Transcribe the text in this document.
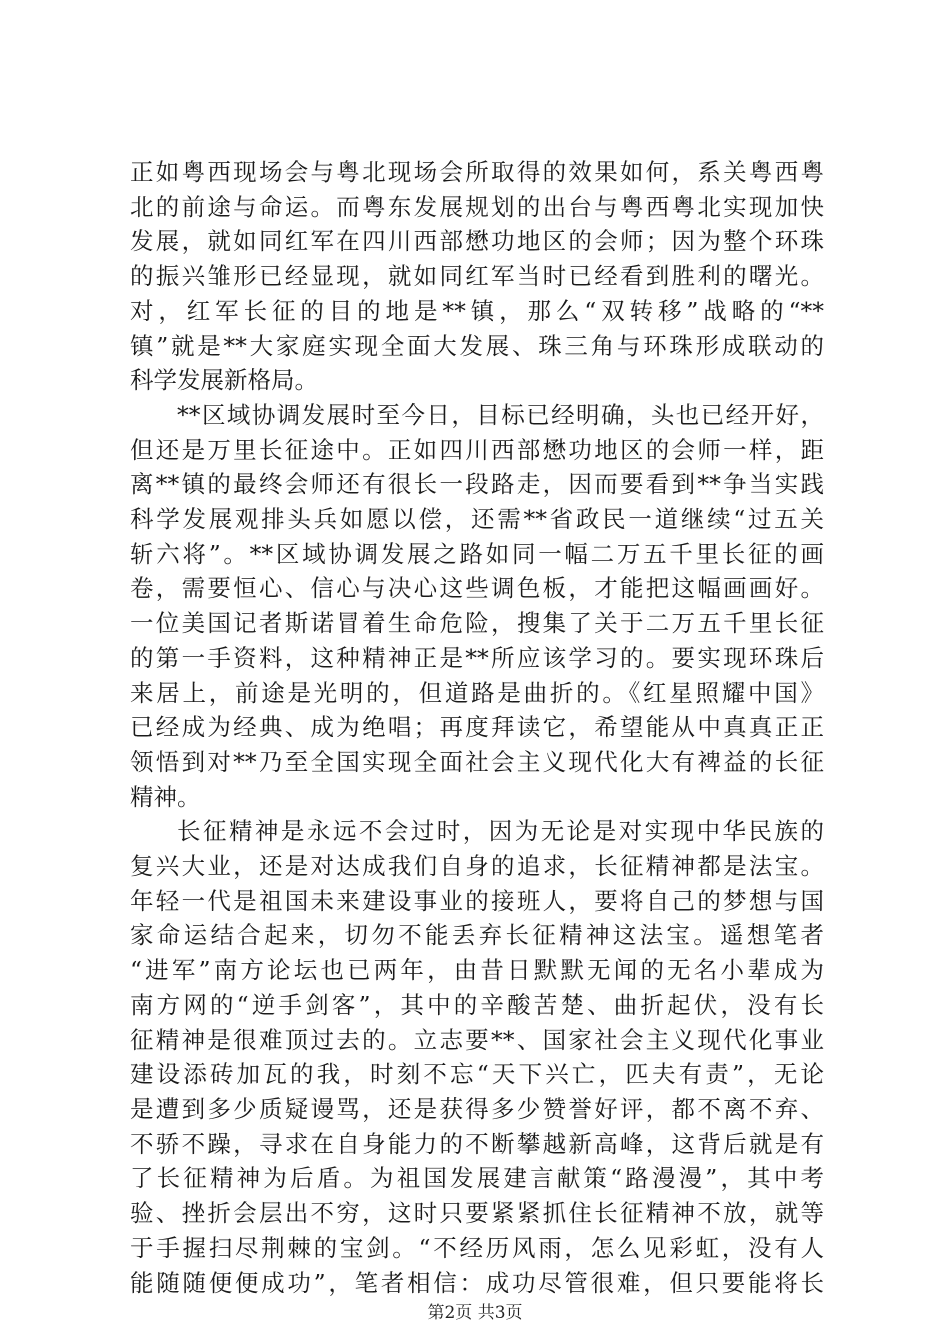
正如粤西现场会与粤北现场会所取得的效果如何，系关粤西粤
北的前途与命运。而粤东发展规划的出台与粤西粤北实现加快
发展，就如同红军在四川西部懋功地区的会师；因为整个环珠
的振兴雏形已经显现，就如同红军当时已经看到胜利的曙光。
对，红军长征的目的地是**镇，那么“双转移”战略的“**
镇”就是**大家庭实现全面大发展、珠三角与环珠形成联动的
科学发展新格局。
**区域协调发展时至今日，目标已经明确，头也已经开好，
但还是万里长征途中。正如四川西部懋功地区的会师一样，距
离**镇的最终会师还有很长一段路走，因而要看到**争当实践
科学发展观排头兵如愿以偿，还需**省政民一道继续“过五关
斩六将”。**区域协调发展之路如同一幅二万五千里长征的画
卷，需要恒心、信心与决心这些调色板，才能把这幅画画好。
一位美国记者斯诺冒着生命危险，搜集了关于二万五千里长征
的第一手资料，这种精神正是**所应该学习的。要实现环珠后
来居上，前途是光明的，但道路是曲折的。《红星照耀中国》
已经成为经典、成为绝唱；再度拜读它，希望能从中真真正正
领悟到对**乃至全国实现全面社会主义现代化大有裨益的长征
精神。
长征精神是永远不会过时，因为无论是对实现中华民族的
复兴大业，还是对达成我们自身的追求，长征精神都是法宝。
年轻一代是祖国未来建设事业的接班人，要将自己的梦想与国
家命运结合起来，切勿不能丢弃长征精神这法宝。遥想笔者
“进军”南方论坛也已两年，由昔日默默无闻的无名小辈成为
南方网的“逆手剑客”，其中的辛酸苦楚、曲折起伏，没有长
征精神是很难顶过去的。立志要**、国家社会主义现代化事业
建设添砖加瓦的我，时刻不忘“天下兴亡，匹夫有责”，无论
是遭到多少质疑谩骂，还是获得多少赞誉好评，都不离不弃、
不骄不躁，寻求在自身能力的不断攀越新高峰，这背后就是有
了长征精神为后盾。为祖国发展建言献策“路漫漫”，其中考
验、挫折会层出不穷，这时只要紧紧抓住长征精神不放，就等
于手握扫尽荆棘的宝剑。“不经历风雨，怎么见彩虹，没有人
能随随便便成功”，笔者相信：成功尽管很难，但只要能将长
第2页 共3页
